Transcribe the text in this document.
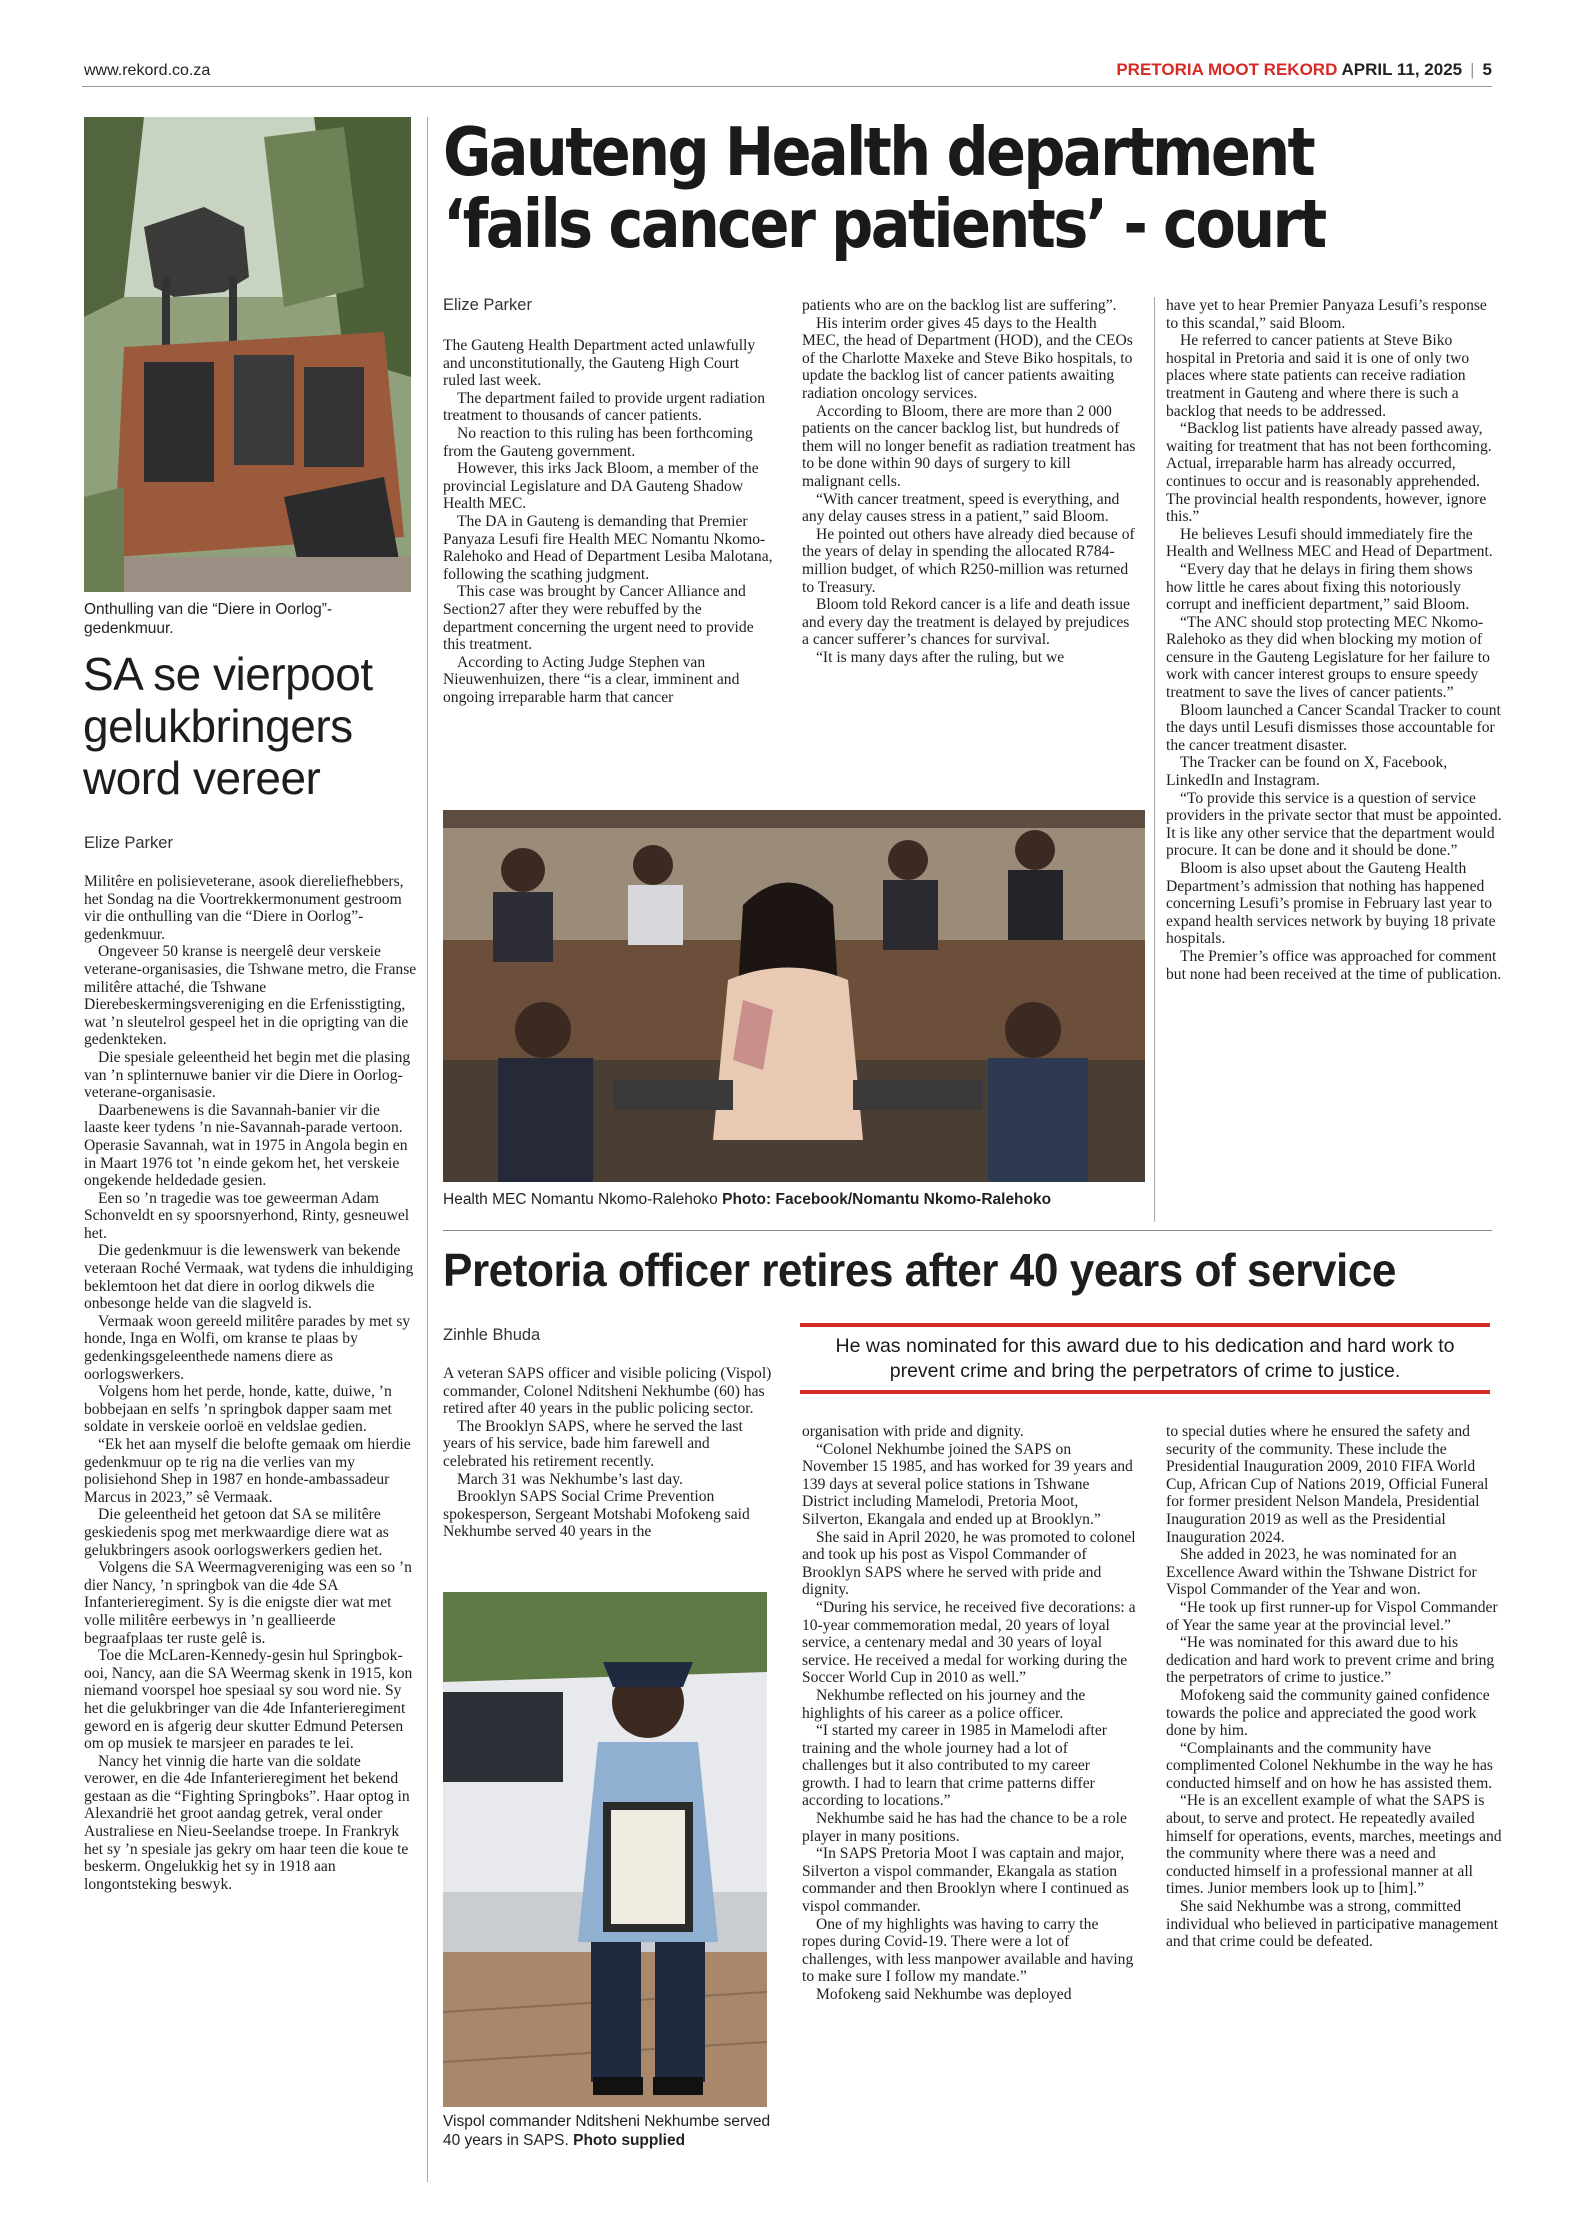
www.rekord.co.za	PRETORIA MOOT REKORD APRIL 11, 2025 | 5
Onthulling van die “Diere in Oorlog”-gedenkmuur.
SA se vierpoot gelukbringers word vereer
Elize Parker

Militêre en polisieveterane, asook diereliefhebbers, het Sondag na die Voortrekkermonument gestroom vir die onthulling van die “Diere in Oorlog”-gedenkmuur.

Ongeveer 50 kranse is neergelê deur verskeie veterane-organisasies, die Tshwane metro, die Franse militêre attaché, die Tshwane Dierebeskermingsvereniging en die Erfenisstigting, wat ’n sleutelrol gespeel het in die oprigting van die gedenkteken.

Die spesiale geleentheid het begin met die plasing van ’n splinternuwe banier vir die Diere in Oorlog-veterane-organisasie.

Daarbenewens is die Savannah-banier vir die laaste keer tydens ’n nie-Savannah-parade vertoon. Operasie Savannah, wat in 1975 in Angola begin en in Maart 1976 tot ’n einde gekom het, het verskeie ongekende heldedade gesien.

Een so ’n tragedie was toe geweerman Adam Schonveldt en sy spoorsnyerhond, Rinty, gesneuwel het.

Die gedenkmuur is die lewenswerk van bekende veteraan Roché Vermaak, wat tydens die inhuldiging beklemtoon het dat diere in oorlog dikwels die onbesonge helde van die slagveld is.

Vermaak woon gereeld militêre parades by met sy honde, Inga en Wolfi, om kranse te plaas by gedenkingsgeleenthede namens diere as oorlogswerkers.

Volgens hom het perde, honde, katte, duiwe, ’n bobbejaan en selfs ’n springbok dapper saam met soldate in verskeie oorloë en veldslae gedien.

“Ek het aan myself die belofte gemaak om hierdie gedenkmuur op te rig na die verlies van my polisiehond Shep in 1987 en honde-ambassadeur Marcus in 2023,” sê Vermaak.

Die geleentheid het getoon dat SA se militêre geskiedenis spog met merkwaardige diere wat as gelukbringers asook oorlogswerkers gedien het.

Volgens die SA Weermagvereniging was een so ’n dier Nancy, ’n springbok van die 4de SA Infanterieregiment. Sy is die enigste dier wat met volle militêre eerbewys in ’n geallieerde begraafplaas ter ruste gelê is.

Toe die McLaren-Kennedy-gesin hul Springbok-ooi, Nancy, aan die SA Weermag skenk in 1915, kon niemand voorspel hoe spesiaal sy sou word nie. Sy het die gelukbringer van die 4de Infanterieregiment geword en is afgerig deur skutter Edmund Petersen om op musiek te marsjeer en parades te lei.

Nancy het vinnig die harte van die soldate verower, en die 4de Infanterieregiment het bekend gestaan as die “Fighting Springboks”. Haar optog in Alexandrië het groot aandag getrek, veral onder Australiese en Nieu-Seelandse troepe. In Frankryk het sy ’n spesiale jas gekry om haar teen die koue te beskerm. Ongelukkig het sy in 1918 aan longontsteking beswyk.

Gauteng Health department
‘fails cancer patients’ - court
Elize Parker

The Gauteng Health Department acted unlawfully and unconstitutionally, the Gauteng High Court ruled last week.

The department failed to provide urgent radiation treatment to thousands of cancer patients.

No reaction to this ruling has been forthcoming from the Gauteng government.

However, this irks Jack Bloom, a member of the provincial Legislature and DA Gauteng Shadow Health MEC.

The DA in Gauteng is demanding that Premier Panyaza Lesufi fire Health MEC Nomantu Nkomo-Ralehoko and Head of Department Lesiba Malotana, following the scathing judgment.

This case was brought by Cancer Alliance and Section27 after they were rebuffed by the department concerning the urgent need to provide this treatment.

According to Acting Judge Stephen van Nieuwenhuizen, there “is a clear, imminent and ongoing irreparable harm that cancer

patients who are on the backlog list are suffering”.

His interim order gives 45 days to the Health MEC, the head of Department (HOD), and the CEOs of the Charlotte Maxeke and Steve Biko hospitals, to update the backlog list of cancer patients awaiting radiation oncology services.

According to Bloom, there are more than 2 000 patients on the cancer backlog list, but hundreds of them will no longer benefit as radiation treatment has to be done within 90 days of surgery to kill malignant cells.

“With cancer treatment, speed is everything, and any delay causes stress in a patient,” said Bloom.

He pointed out others have already died because of the years of delay in spending the allocated R784-million budget, of which R250-million was returned to Treasury.

Bloom told Rekord cancer is a life and death issue and every day the treatment is delayed by prejudices a cancer sufferer’s chances for survival.

“It is many days after the ruling, but we

have yet to hear Premier Panyaza Lesufi’s response to this scandal,” said Bloom.

He referred to cancer patients at Steve Biko hospital in Pretoria and said it is one of only two places where state patients can receive radiation treatment in Gauteng and where there is such a backlog that needs to be addressed.

“Backlog list patients have already passed away, waiting for treatment that has not been forthcoming. Actual, irreparable harm has already occurred, continues to occur and is reasonably apprehended. The provincial health respondents, however, ignore this.”

He believes Lesufi should immediately fire the Health and Wellness MEC and Head of Department.

“Every day that he delays in firing them shows how little he cares about fixing this notoriously corrupt and inefficient department,” said Bloom.

“The ANC should stop protecting MEC Nkomo-Ralehoko as they did when blocking my motion of censure in the Gauteng Legislature for her failure to work with cancer interest groups to ensure speedy treatment to save the lives of cancer patients.”

Bloom launched a Cancer Scandal Tracker to count the days until Lesufi dismisses those accountable for the cancer treatment disaster.

The Tracker can be found on X, Facebook, LinkedIn and Instagram.

“To provide this service is a question of service providers in the private sector that must be appointed. It is like any other service that the department would procure. It can be done and it should be done.”

Bloom is also upset about the Gauteng Health Department’s admission that nothing has happened concerning Lesufi’s promise in February last year to expand health services network by buying 18 private hospitals.

The Premier’s office was approached for comment but none had been received at the time of publication.

Health MEC Nomantu Nkomo-Ralehoko Photo: Facebook/Nomantu Nkomo-Ralehoko
Pretoria officer retires after 40 years of service
Zinhle Bhuda	He was nominated for this award due to his dedication and hard work to prevent crime and bring the perpetrators of crime to justice.

A veteran SAPS officer and visible policing (Vispol) commander, Colonel Nditsheni Nekhumbe (60) has retired after 40 years in the public policing sector.

The Brooklyn SAPS, where he served the last years of his service, bade him farewell and celebrated his retirement recently.

March 31 was Nekhumbe’s last day.

Brooklyn SAPS Social Crime Prevention spokesperson, Sergeant Motshabi Mofokeng said Nekhumbe served 40 years in the

Vispol commander Nditsheni Nekhumbe served 40 years in SAPS. Photo supplied

organisation with pride and dignity.

“Colonel Nekhumbe joined the SAPS on November 15 1985, and has worked for 39 years and 139 days at several police stations in Tshwane District including Mamelodi, Pretoria Moot, Silverton, Ekangala and ended up at Brooklyn.”

She said in April 2020, he was promoted to colonel and took up his post as Vispol Commander of Brooklyn SAPS where he served with pride and dignity.

“During his service, he received five decorations: a 10-year commemoration medal, 20 years of loyal service, a centenary medal and 30 years of loyal service. He received a medal for working during the Soccer World Cup in 2010 as well.”

Nekhumbe reflected on his journey and the highlights of his career as a police officer.

“I started my career in 1985 in Mamelodi after training and the whole journey had a lot of challenges but it also contributed to my career growth. I had to learn that crime patterns differ according to locations.”

Nekhumbe said he has had the chance to be a role player in many positions.

“In SAPS Pretoria Moot I was captain and major, Silverton a vispol commander, Ekangala as station commander and then Brooklyn where I continued as vispol commander.

One of my highlights was having to carry the ropes during Covid-19. There were a lot of challenges, with less manpower available and having to make sure I follow my mandate.”

Mofokeng said Nekhumbe was deployed

to special duties where he ensured the safety and security of the community. These include the Presidential Inauguration 2009, 2010 FIFA World Cup, African Cup of Nations 2019, Official Funeral for former president Nelson Mandela, Presidential Inauguration 2019 as well as the Presidential Inauguration 2024.

She added in 2023, he was nominated for an Excellence Award within the Tshwane District for Vispol Commander of the Year and won.

“He took up first runner-up for Vispol Commander of Year the same year at the provincial level.”

“He was nominated for this award due to his dedication and hard work to prevent crime and bring the perpetrators of crime to justice.”

Mofokeng said the community gained confidence towards the police and appreciated the good work done by him.

“Complainants and the community have complimented Colonel Nekhumbe in the way he has conducted himself and on how he has assisted them.

“He is an excellent example of what the SAPS is about, to serve and protect. He repeatedly availed himself for operations, events, marches, meetings and the community where there was a need and conducted himself in a professional manner at all times. Junior members look up to [him].”

She said Nekhumbe was a strong, committed individual who believed in participative management and that crime could be defeated.
